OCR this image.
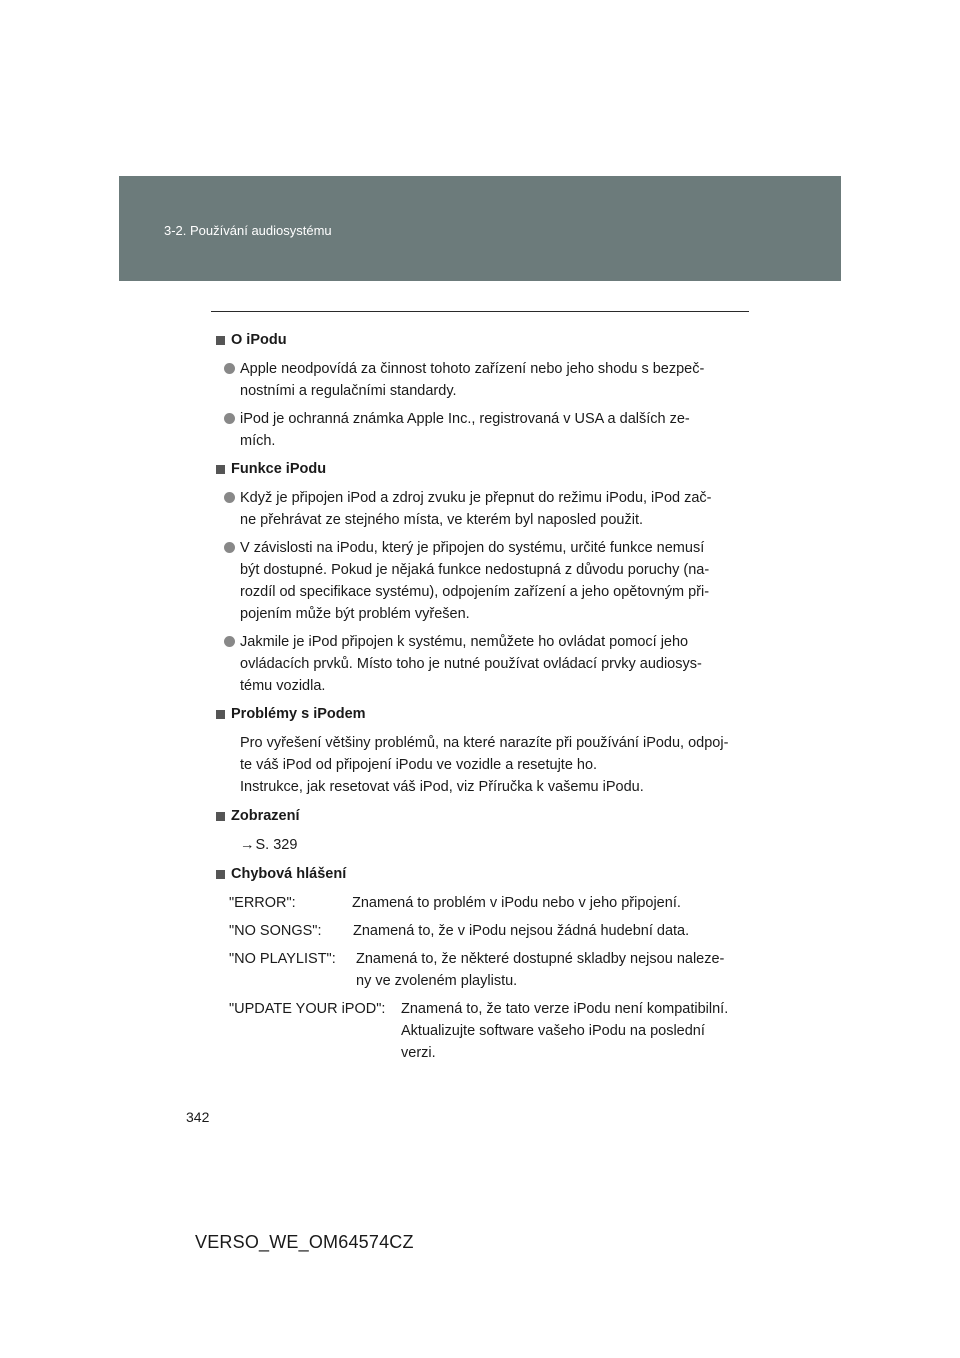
3-2. Používání audiosystému
O iPodu

Apple neodpovídá za činnost tohoto zařízení nebo jeho shodu s bezpeč-
nostními a regulačními standardy.

iPod je ochranná známka Apple Inc., registrovaná v USA a dalších ze-
mích.

Funkce iPodu

Když je připojen iPod a zdroj zvuku je přepnut do režimu iPodu, iPod zač-
ne přehrávat ze stejného místa, ve kterém byl naposled použit.

V závislosti na iPodu, který je připojen do systému, určité funkce nemusí
být dostupné. Pokud je nějaká funkce nedostupná z důvodu poruchy (na-
rozdíl od specifikace systému), odpojením zařízení a jeho opětovným při-
pojením může být problém vyřešen.

Jakmile je iPod připojen k systému, nemůžete ho ovládat pomocí jeho
ovládacích prvků. Místo toho je nutné používat ovládací prvky audiosys-
tému vozidla.

Problémy s iPodem

Pro vyřešení většiny problémů, na které narazíte při používání iPodu, odpoj-
te váš iPod od připojení iPodu ve vozidle a resetujte ho.
Instrukce, jak resetovat váš iPod, viz Příručka k vašemu iPodu.

Zobrazení
→S. 329
Chybová hlášení
"ERROR":	Znamená to problém v iPodu nebo v jeho připojení.
"NO SONGS":	Znamená to, že v iPodu nejsou žádná hudební data.
"NO PLAYLIST":	Znamená to, že některé dostupné skladby nejsou naleze-
ny ve zvoleném playlistu.
"UPDATE YOUR iPOD":	Znamená to, že tato verze iPodu není kompatibilní.
Aktualizujte software vašeho iPodu na poslední
verzi.
342
VERSO_WE_OM64574CZ
